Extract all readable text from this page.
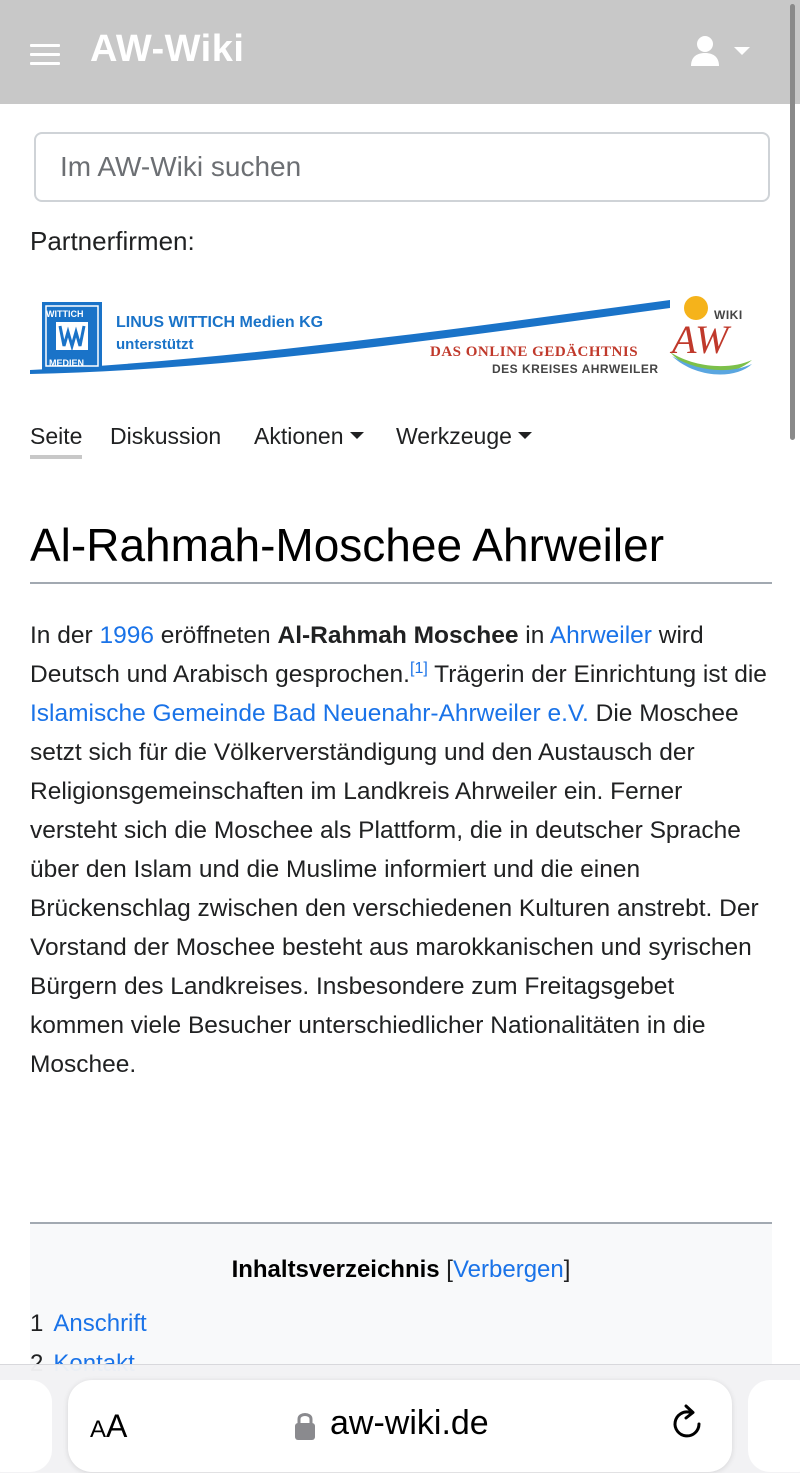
AW-Wiki
Im AW-Wiki suchen
Partnerfirmen:
WITTICH
MEDIEN
LINUS WITTICH Medien KG
unterstützt	DAS ONLINE GEDÄCHTNIS
DES KREISES AHRWEILER
WIKI
AW
Seite Diskussion Aktionen	Werkzeuge
Al-Rahmah-Moschee Ahrweiler
In der 1996 eröffneten Al-Rahmah Moschee in Ahrweiler wird Deutsch und Arabisch gesprochen.[1] Trägerin der Einrichtung ist die Islamische Gemeinde Bad Neuenahr-Ahrweiler e.V. Die Moschee setzt sich für die Völkerverständigung und den Austausch der Religionsgemeinschaften im Landkreis Ahrweiler ein. Ferner versteht sich die Moschee als Plattform, die in deutscher Sprache über den Islam und die Muslime informiert und die einen Brückenschlag zwischen den verschiedenen Kulturen anstrebt. Der Vorstand der Moschee besteht aus marokkanischen und syrischen Bürgern des Landkreises. Insbesondere zum Freitagsgebet kommen viele Besucher unterschiedlicher Nationalitäten in die Moschee.
Inhaltsverzeichnis [Verbergen]
1 Anschrift
AA	aw-wiki.de
